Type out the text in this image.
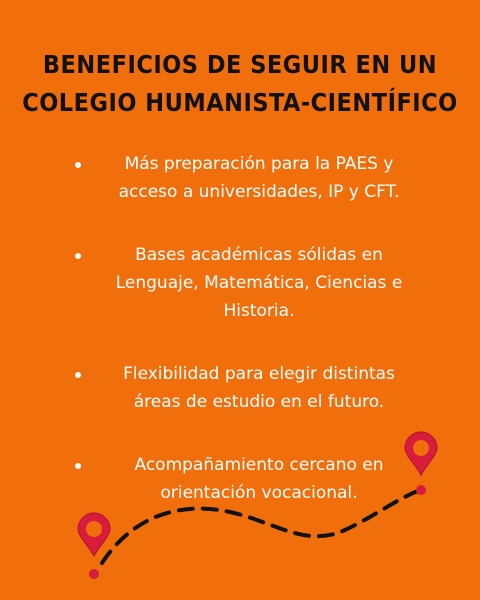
BENEFICIOS DE SEGUIR EN UN
COLEGIO HUMANISTA-CIENTÍFICO
Más preparación para la PAES y acceso a universidades, IP y CFT.
Bases académicas sólidas en Lenguaje, Matemática, Ciencias e Historia.
Flexibilidad para elegir distintas áreas de estudio en el futuro.
Acompañamiento cercano en orientación vocacional.
